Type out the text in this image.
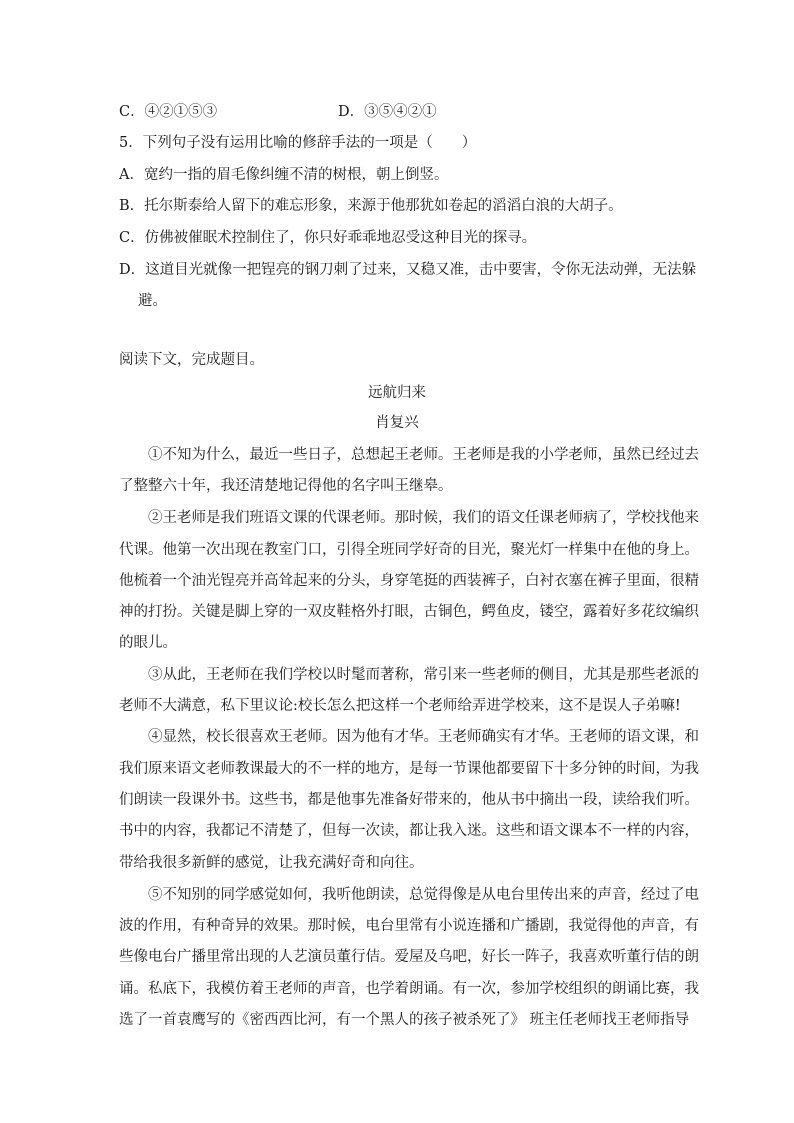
C．④②①⑤③	D．③⑤④②①
5．下列句子没有运用比喻的修辞手法的一项是（　　）
A．宽约一指的眉毛像纠缠不清的树根，朝上倒竖。
B．托尔斯泰给人留下的难忘形象，来源于他那犹如卷起的滔滔白浪的大胡子。
C．仿佛被催眠术控制住了，你只好乖乖地忍受这种目光的探寻。
D．这道目光就像一把锃亮的钢刀刺了过来，又稳又准，击中要害，令你无法动弹，无法躲
避。
阅读下文，完成题目。
远航归来
肖复兴
①不知为什么，最近一些日子，总想起王老师。王老师是我的小学老师，虽然已经过去
了整整六十年，我还清楚地记得他的名字叫王继皋。
②王老师是我们班语文课的代课老师。那时候，我们的语文任课老师病了，学校找他来
代课。他第一次出现在教室门口，引得全班同学好奇的目光，聚光灯一样集中在他的身上。
他梳着一个油光锃亮并高耸起来的分头，身穿笔挺的西装裤子，白衬衣塞在裤子里面，很精
神的打扮。关键是脚上穿的一双皮鞋格外打眼，古铜色，鳄鱼皮，镂空，露着好多花纹编织
的眼儿。
③从此，王老师在我们学校以时髦而著称，常引来一些老师的侧目，尤其是那些老派的
老师不大满意，私下里议论:校长怎么把这样一个老师给弄进学校来，这不是误人子弟嘛!
④显然，校长很喜欢王老师。因为他有才华。王老师确实有才华。王老师的语文课，和
我们原来语文老师教课最大的不一样的地方，是每一节课他都要留下十多分钟的时间，为我
们朗读一段课外书。这些书，都是他事先准备好带来的，他从书中摘出一段，读给我们听。
书中的内容，我都记不清楚了，但每一次读，都让我入迷。这些和语文课本不一样的内容，
带给我很多新鲜的感觉，让我充满好奇和向往。
⑤不知别的同学感觉如何，我听他朗读，总觉得像是从电台里传出来的声音，经过了电
波的作用，有种奇异的效果。那时候，电台里常有小说连播和广播剧，我觉得他的声音，有
些像电台广播里常出现的人艺演员董行佶。爱屋及乌吧，好长一阵子，我喜欢听董行佶的朗
诵。私底下，我模仿着王老师的声音，也学着朗诵。有一次，参加学校组织的朗诵比赛，我
选了一首袁鹰写的《密西西比河，有一个黑人的孩子被杀死了》 班主任老师找王老师指导
